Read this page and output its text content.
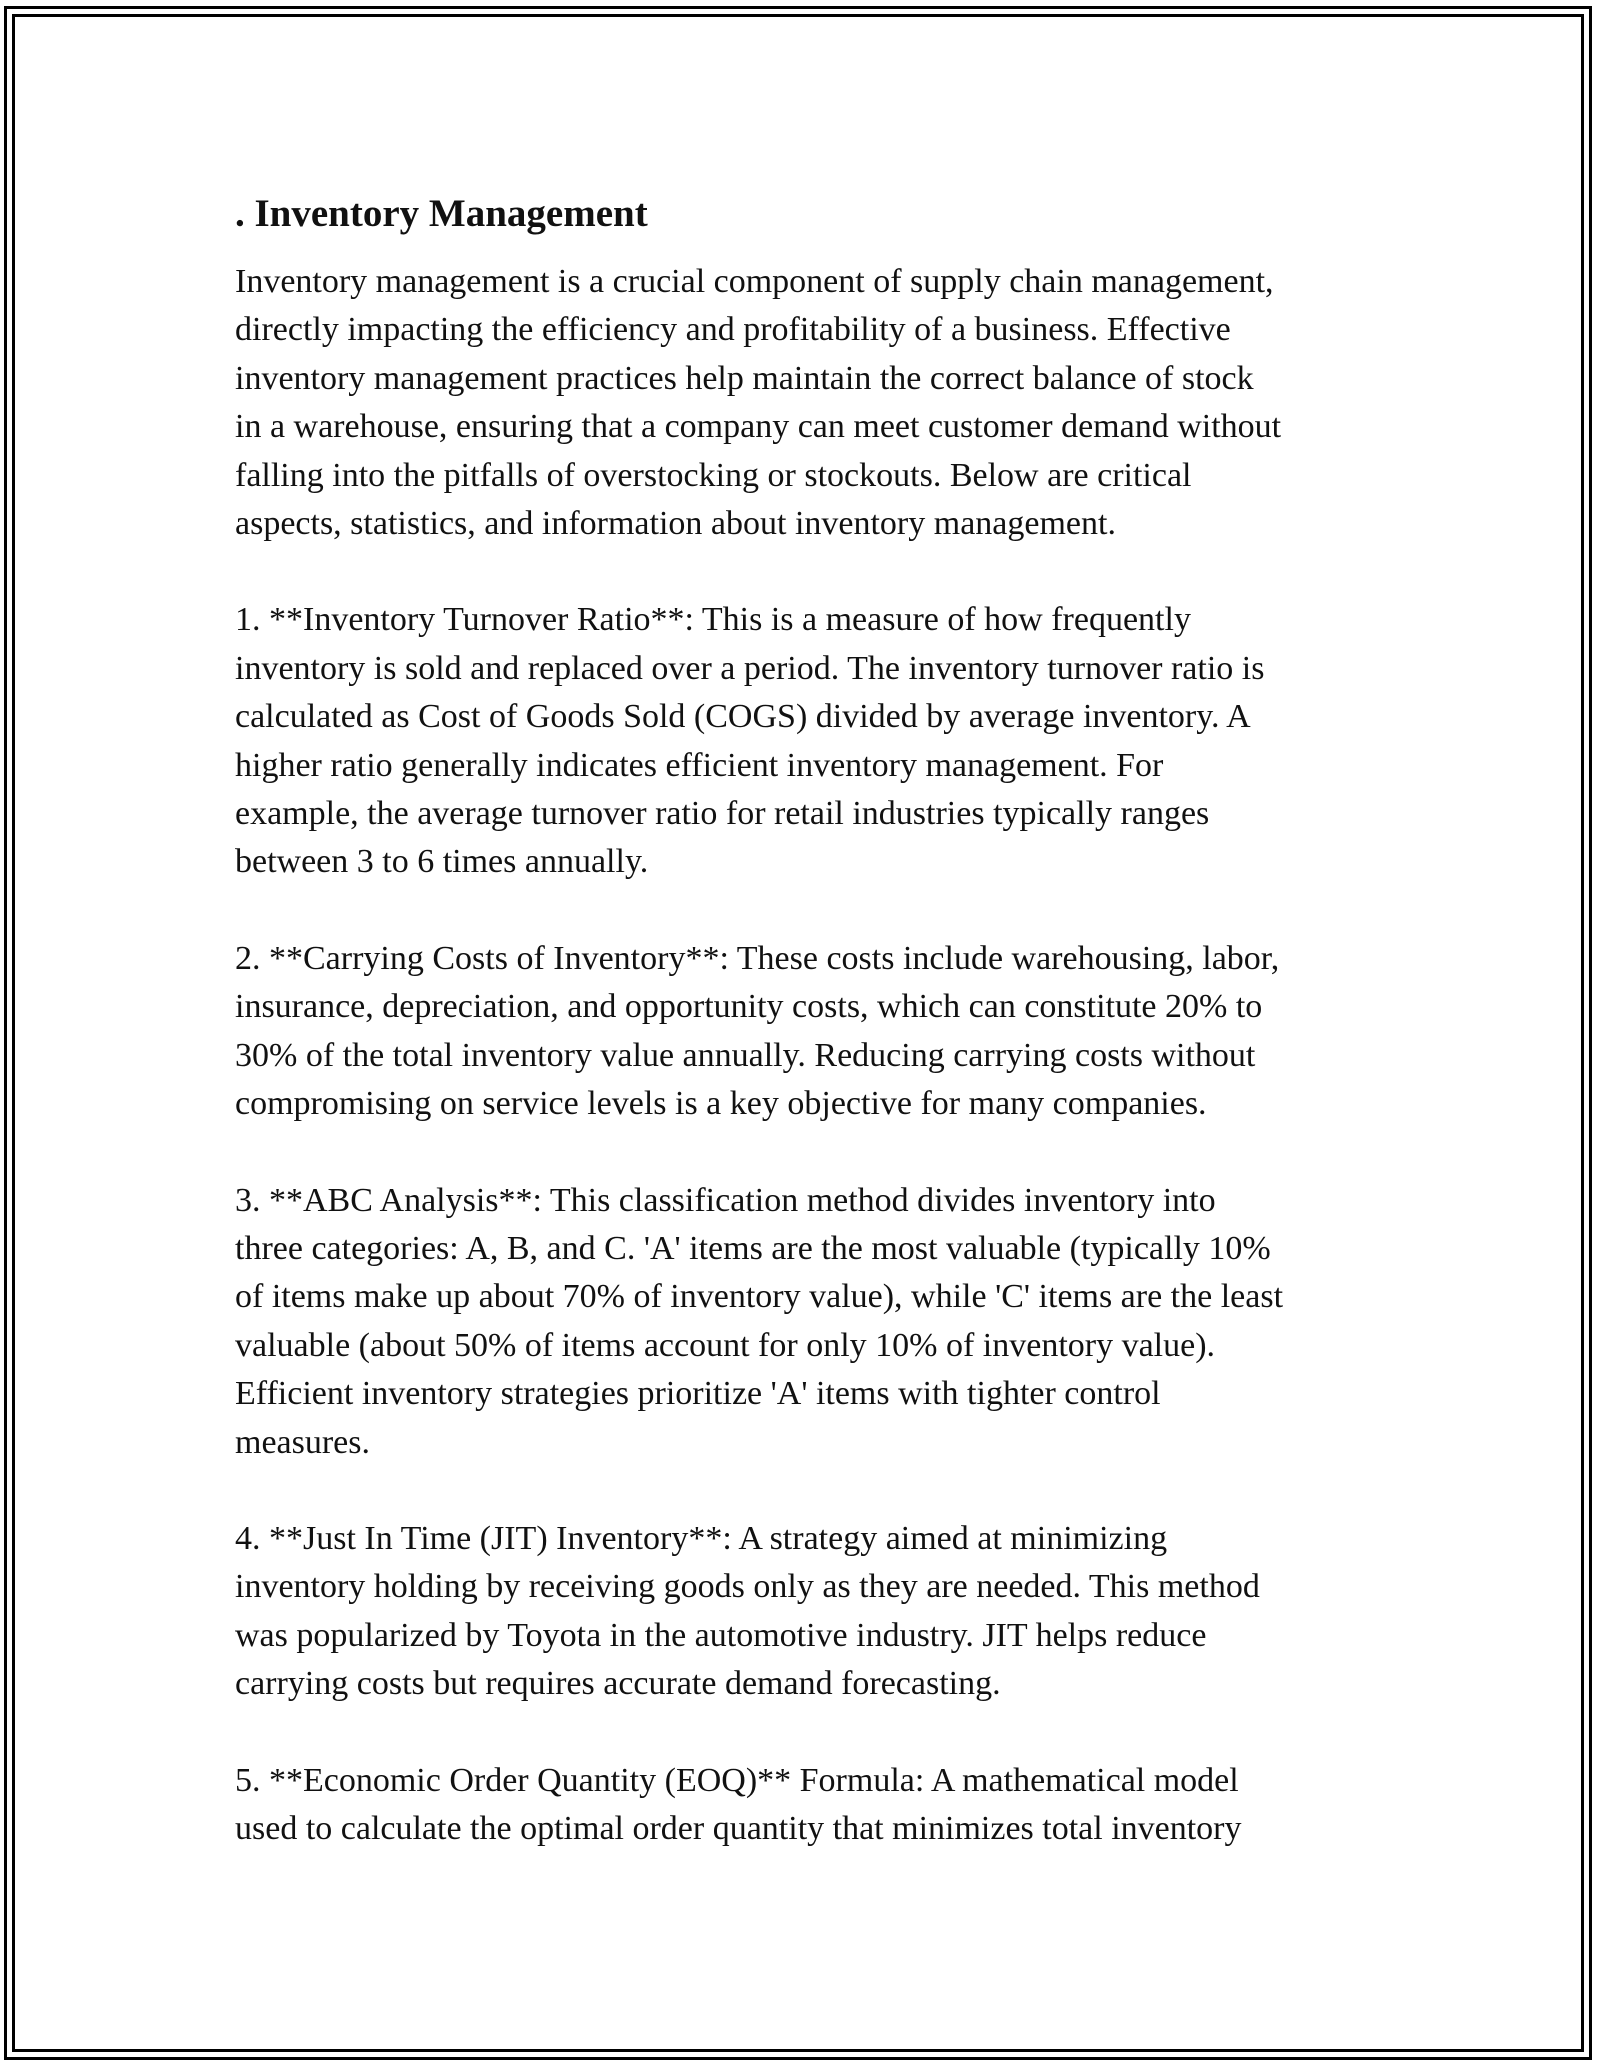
. Inventory Management

Inventory management is a crucial component of supply chain management,
directly impacting the efficiency and profitability of a business. Effective
inventory management practices help maintain the correct balance of stock
in a warehouse, ensuring that a company can meet customer demand without
falling into the pitfalls of overstocking or stockouts. Below are critical
aspects, statistics, and information about inventory management.

1. **Inventory Turnover Ratio**: This is a measure of how frequently
inventory is sold and replaced over a period. The inventory turnover ratio is
calculated as Cost of Goods Sold (COGS) divided by average inventory. A
higher ratio generally indicates efficient inventory management. For
example, the average turnover ratio for retail industries typically ranges
between 3 to 6 times annually.

2. **Carrying Costs of Inventory**: These costs include warehousing, labor,
insurance, depreciation, and opportunity costs, which can constitute 20% to
30% of the total inventory value annually. Reducing carrying costs without
compromising on service levels is a key objective for many companies.

3. **ABC Analysis**: This classification method divides inventory into
three categories: A, B, and C. 'A' items are the most valuable (typically 10%
of items make up about 70% of inventory value), while 'C' items are the least
valuable (about 50% of items account for only 10% of inventory value).
Efficient inventory strategies prioritize 'A' items with tighter control
measures.

4. **Just In Time (JIT) Inventory**: A strategy aimed at minimizing
inventory holding by receiving goods only as they are needed. This method
was popularized by Toyota in the automotive industry. JIT helps reduce
carrying costs but requires accurate demand forecasting.

5. **Economic Order Quantity (EOQ)** Formula: A mathematical model
used to calculate the optimal order quantity that minimizes total inventory
